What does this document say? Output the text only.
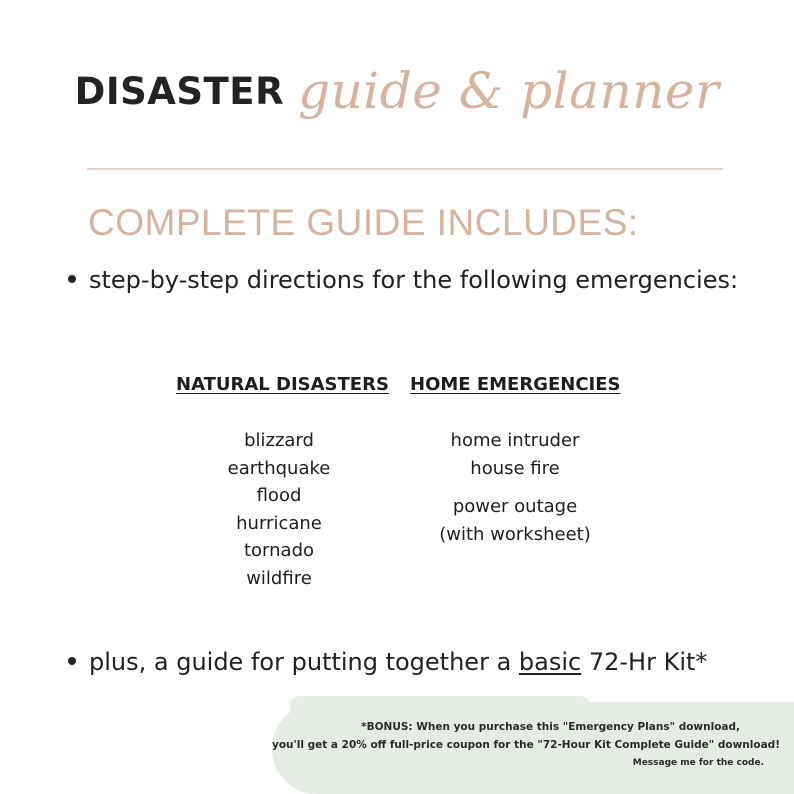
DISASTER guide & planner
COMPLETE GUIDE INCLUDES:
step-by-step directions for the following emergencies:
NATURAL DISASTERS
blizzard
earthquake
flood
hurricane
tornado
wildfire
HOME EMERGENCIES
home intruder
house fire
power outage
(with worksheet)
plus, a guide for putting together a basic 72-Hr Kit*
*BONUS: When you purchase this "Emergency Plans" download,
you'll get a 20% off full-price coupon for the "72-Hour Kit Complete Guide" download!
Message me for the code.
